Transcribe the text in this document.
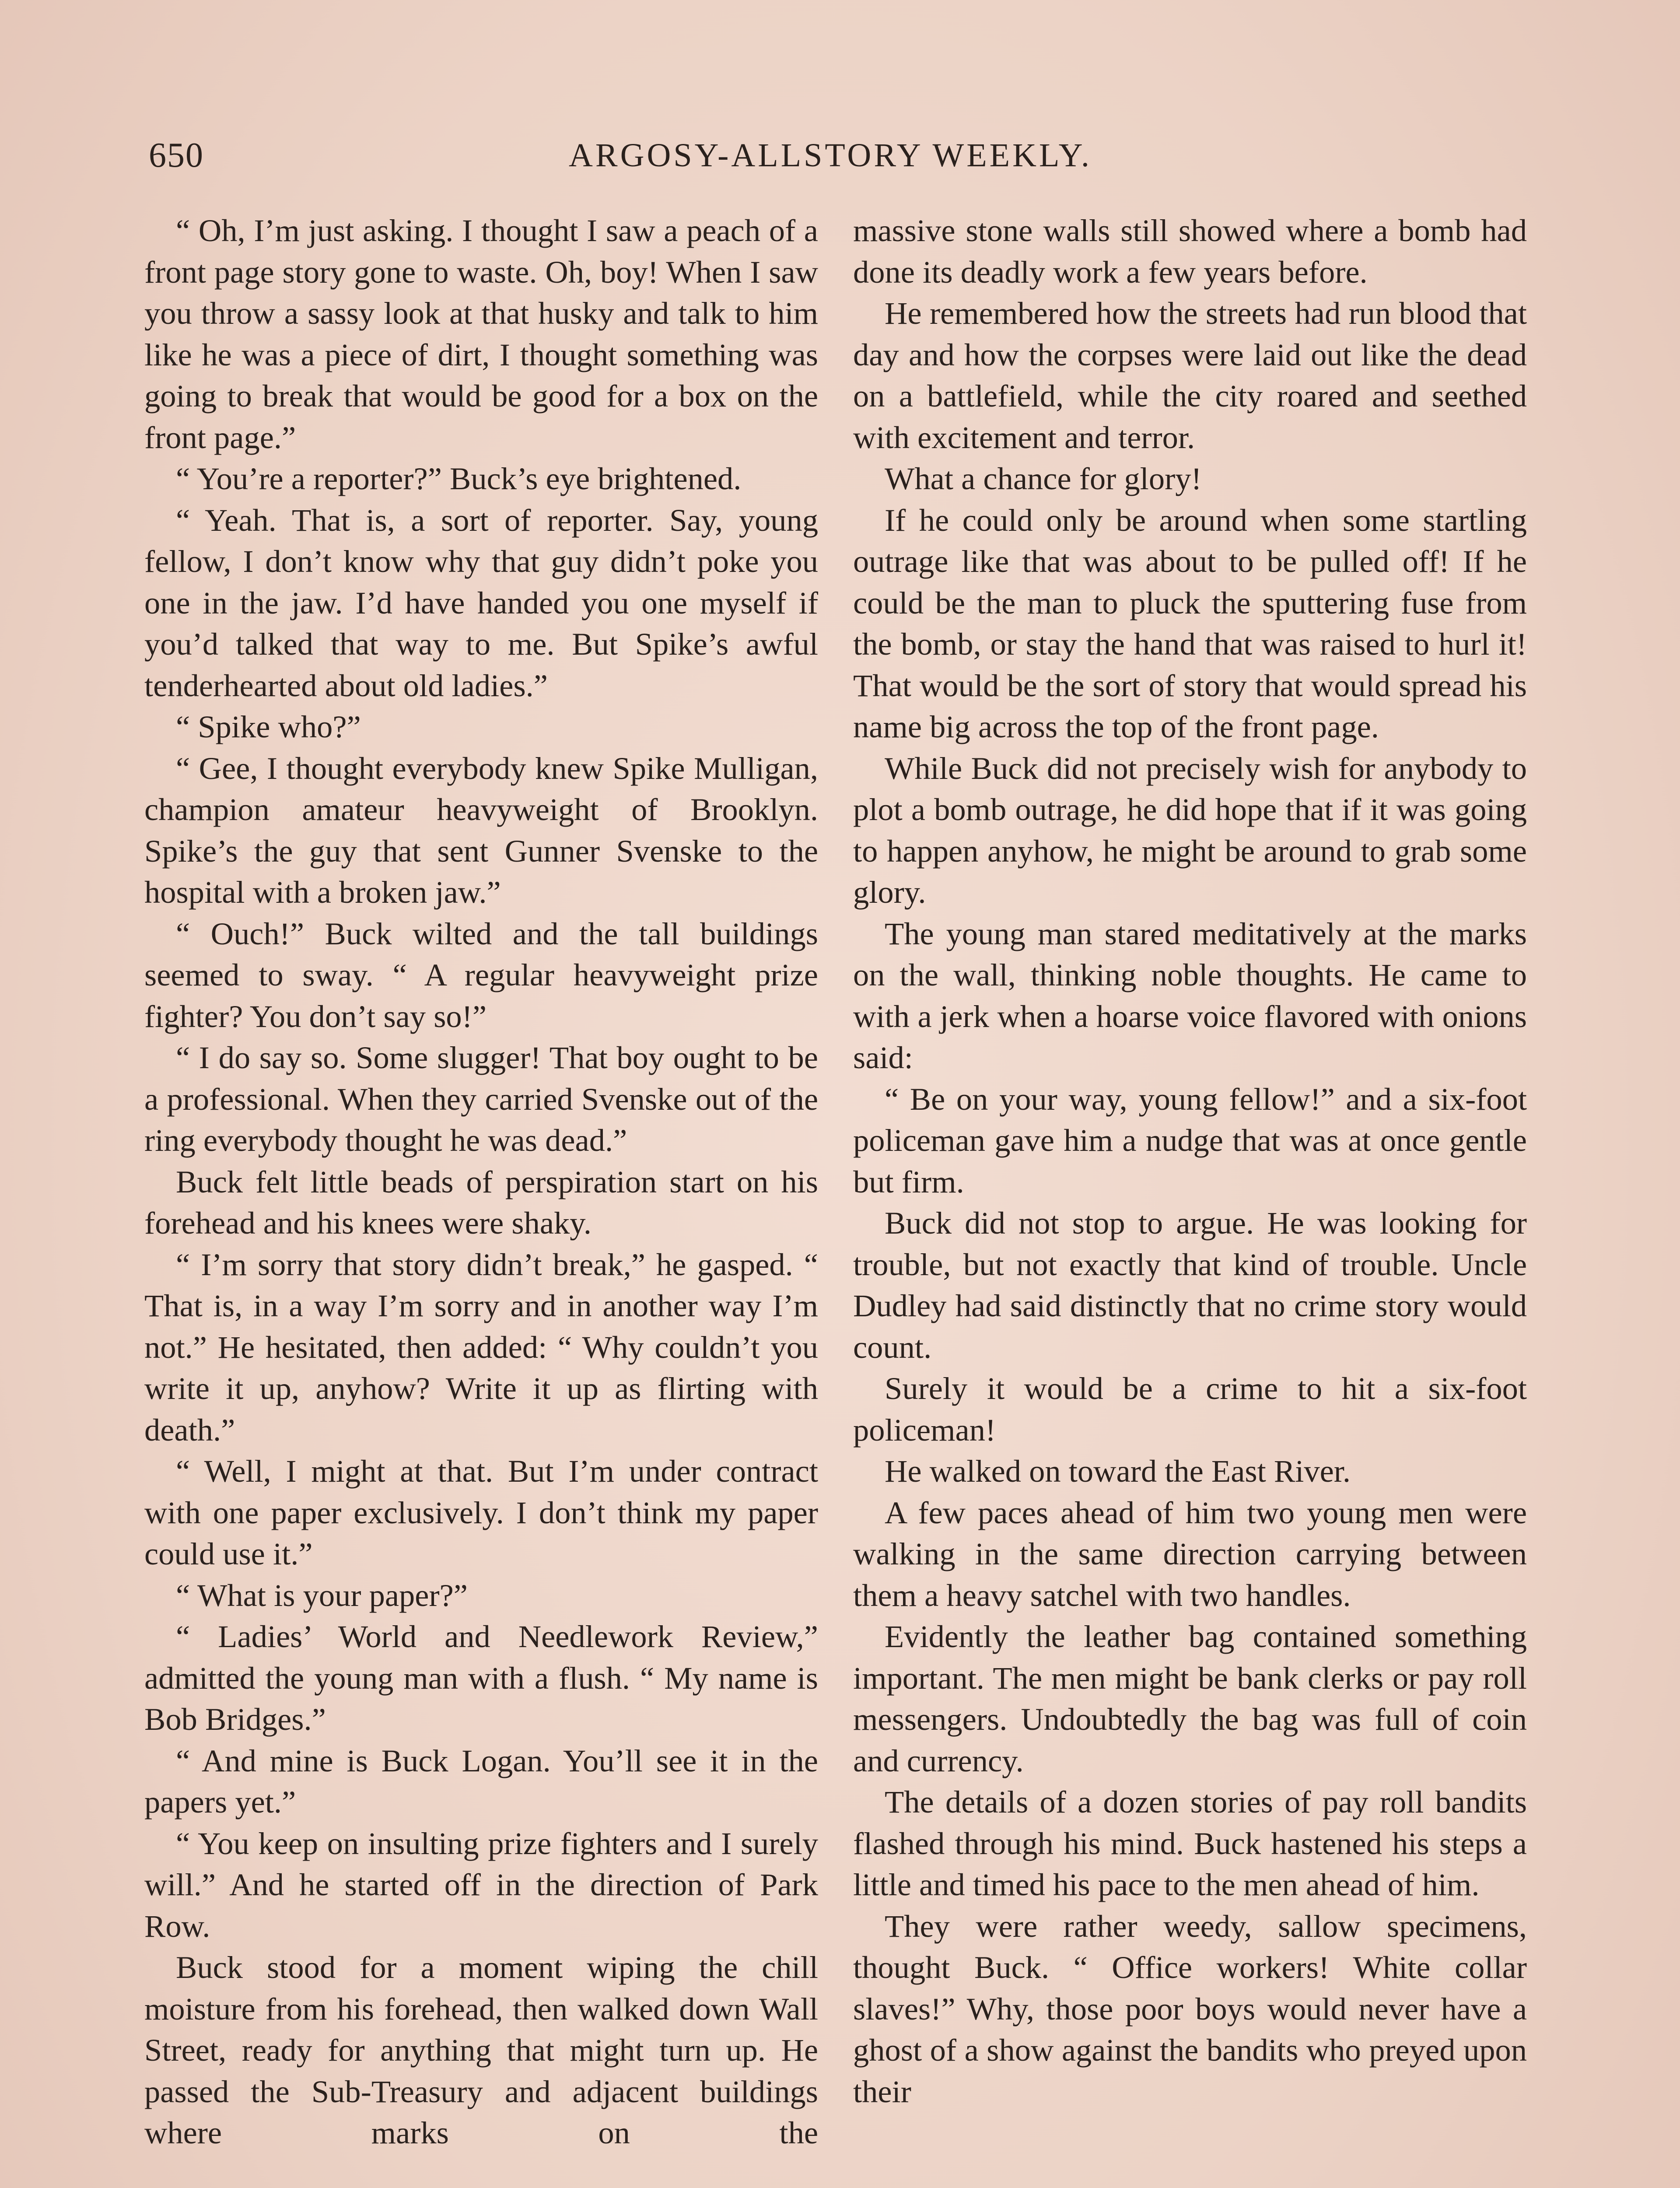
650	ARGOSY-ALLSTORY WEEKLY.

“ Oh, I’m just asking. I thought I saw a peach of a front page story gone to waste. Oh, boy! When I saw you throw a sassy look at that husky and talk to him like he was a piece of dirt, I thought something was going to break that would be good for a box on the front page.”

“ You’re a reporter?” Buck’s eye brightened.

“ Yeah. That is, a sort of reporter. Say, young fellow, I don’t know why that guy didn’t poke you one in the jaw. I’d have handed you one myself if you’d talked that way to me. But Spike’s awful tenderhearted about old ladies.”

“ Spike who?”

“ Gee, I thought everybody knew Spike Mulligan, champion amateur heavyweight of Brooklyn. Spike’s the guy that sent Gunner Svenske to the hospital with a broken jaw.”

“ Ouch!” Buck wilted and the tall buildings seemed to sway. “ A regular heavyweight prize fighter? You don’t say so!”

“ I do say so. Some slugger! That boy ought to be a professional. When they carried Svenske out of the ring everybody thought he was dead.”

Buck felt little beads of perspiration start on his forehead and his knees were shaky.

“ I’m sorry that story didn’t break,” he gasped. “ That is, in a way I’m sorry and in another way I’m not.” He hesitated, then added: “ Why couldn’t you write it up, anyhow? Write it up as flirting with death.”

“ Well, I might at that. But I’m under contract with one paper exclusively. I don’t think my paper could use it.”

“ What is your paper?”

“ Ladies’ World and Needlework Review,” admitted the young man with a flush. “ My name is Bob Bridges.”

“ And mine is Buck Logan. You’ll see it in the papers yet.”

“ You keep on insulting prize fighters and I surely will.” And he started off in the direction of Park Row.

Buck stood for a moment wiping the chill moisture from his forehead, then walked down Wall Street, ready for anything that might turn up. He passed the Sub-Treasury and adjacent buildings where marks on the

massive stone walls still showed where a bomb had done its deadly work a few years before.

He remembered how the streets had run blood that day and how the corpses were laid out like the dead on a battlefield, while the city roared and seethed with excitement and terror.

What a chance for glory!

If he could only be around when some startling outrage like that was about to be pulled off! If he could be the man to pluck the sputtering fuse from the bomb, or stay the hand that was raised to hurl it! That would be the sort of story that would spread his name big across the top of the front page.

While Buck did not precisely wish for anybody to plot a bomb outrage, he did hope that if it was going to happen anyhow, he might be around to grab some glory.

The young man stared meditatively at the marks on the wall, thinking noble thoughts. He came to with a jerk when a hoarse voice flavored with onions said:

“ Be on your way, young fellow!” and a six-foot policeman gave him a nudge that was at once gentle but firm.

Buck did not stop to argue. He was looking for trouble, but not exactly that kind of trouble. Uncle Dudley had said distinctly that no crime story would count.

Surely it would be a crime to hit a six-foot policeman!

He walked on toward the East River.

A few paces ahead of him two young men were walking in the same direction carrying between them a heavy satchel with two handles.

Evidently the leather bag contained something important. The men might be bank clerks or pay roll messengers. Undoubtedly the bag was full of coin and currency.

The details of a dozen stories of pay roll bandits flashed through his mind. Buck hastened his steps a little and timed his pace to the men ahead of him.

They were rather weedy, sallow specimens, thought Buck. “ Office workers! White collar slaves!” Why, those poor boys would never have a ghost of a show against the bandits who preyed upon their
